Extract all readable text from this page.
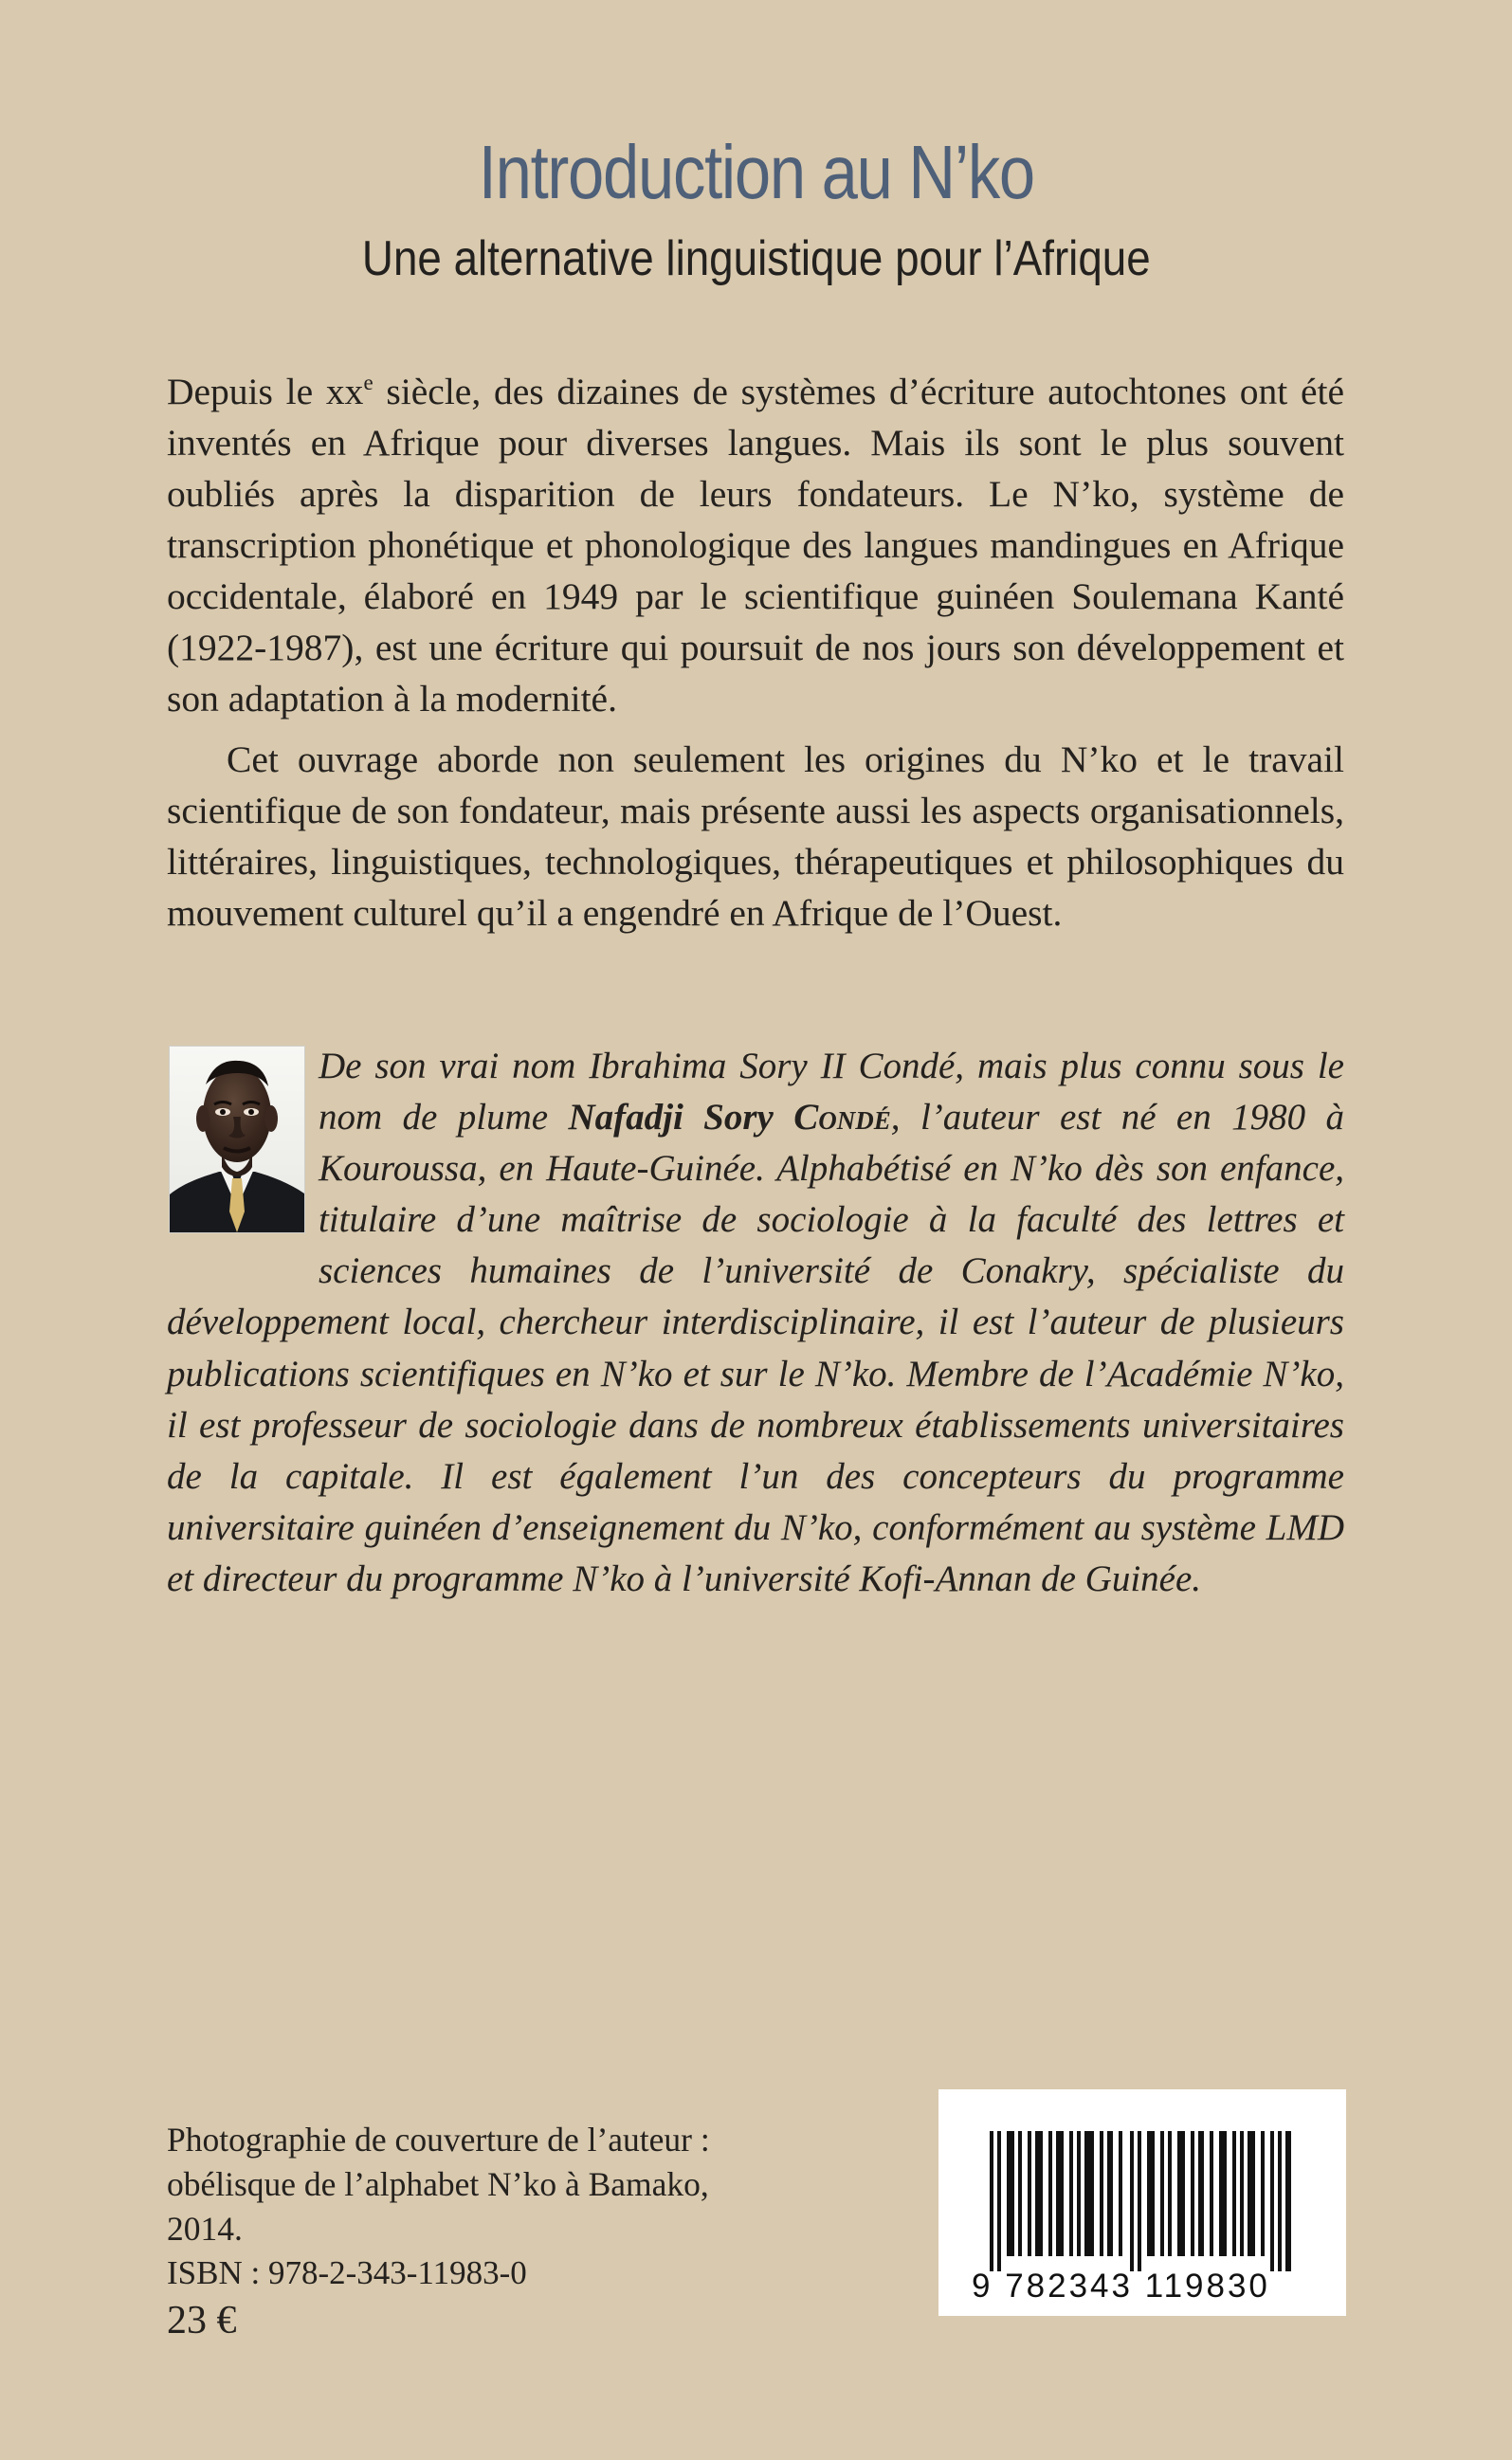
Introduction au N’ko
Une alternative linguistique pour l’Afrique

Depuis le $xx^e$ siècle, des dizaines de systèmes d’écriture autochtones ont été inventés en Afrique pour diverses langues. Mais ils sont le plus souvent oubliés après la disparition de leurs fondateurs. Le N’ko, système de transcription phonétique et phonologique des langues mandingues en Afrique occidentale, élaboré en 1949 par le scientifique guinéen Soulemana Kanté (1922-1987), est une écriture qui poursuit de nos jours son développement et son adaptation à la modernité.

Cet ouvrage aborde non seulement les origines du N’ko et le travail scientifique de son fondateur, mais présente aussi les aspects organisationnels, littéraires, linguistiques, technologiques, thérapeutiques et philosophiques du mouvement culturel qu’il a engendré en Afrique de l’Ouest.

De son vrai nom Ibrahima Sory II Condé, mais plus connu sous le nom de plume Nafadji Sory Condé, l’auteur est né en 1980 à Kouroussa, en Haute-Guinée. Alphabétisé en N’ko dès son enfance, titulaire d’une maîtrise de sociologie à la faculté des lettres et sciences humaines de l’université de Conakry, spécialiste du développement local, chercheur interdisciplinaire, il est l’auteur de plusieurs publications scientifiques en N’ko et sur le N’ko. Membre de l’Académie N’ko, il est professeur de sociologie dans de nombreux établissements universitaires de la capitale. Il est également l’un des concepteurs du programme universitaire guinéen d’enseignement du N’ko, conformément au système LMD et directeur du programme N’ko à l’université Kofi-Annan de Guinée.
Photographie de couverture de l’auteur : obélisque de l’alphabet N’ko à Bamako, 2014.
ISBN : 978-2-343-11983-0
23 €
9 782343 119830
